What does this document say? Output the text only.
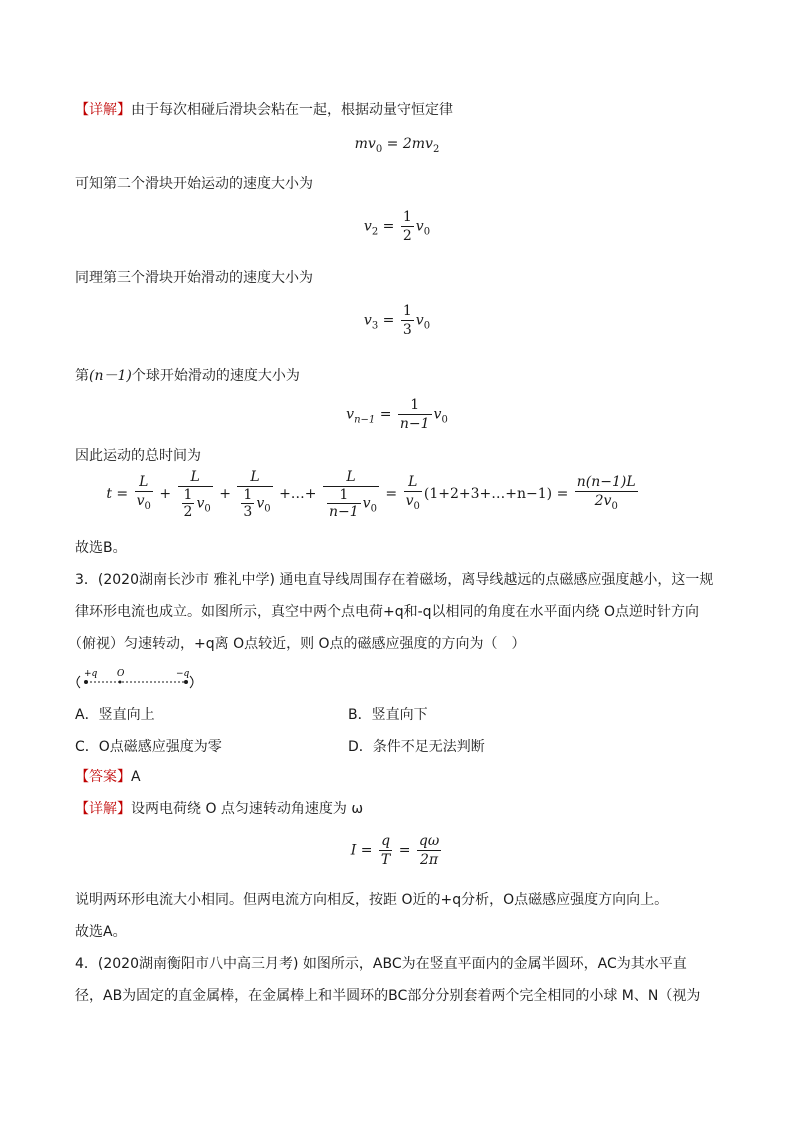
【详解】由于每次相碰后滑块会粘在一起，根据动量守恒定律
$mv_0 = 2mv_2$
可知第二个滑块开始运动的速度大小为
$v_2 = \frac{1}{2} v_0$
同理第三个滑块开始滑动的速度大小为
$v_3 = \frac{1}{3} v_0$
第(n－1)个球开始滑动的速度大小为
$v_{n-1} = \frac{1}{n-1} v_0$
因此运动的总时间为
$t = \frac{L}{v_0} + \frac{L}{\frac{1}{2} v_0} + \frac{L}{\frac{1}{3} v_0}$ +…+ $\frac{L}{\frac{1}{n-1} v_0} = \frac{L}{v_0}$ (1+2+3+…+n−1) = $\frac{n(n-1)L}{2v_0}$
故选B。
3．(2020湖南长沙市 雅礼中学) 通电直导线周围存在着磁场，离导线越远的点磁感应强度越小，这一规
律环形电流也成立。如图所示，真空中两个点电荷+q和-q以相同的角度在水平面内绕 O点逆时针方向
（俯视）匀速转动，+q离 O点较近，则 O点的磁感应强度的方向为（　）
+q O	−q
A．竖直向上	B．竖直向下
C．O点磁感应强度为零	D．条件不足无法判断
【答案】A
【详解】设两电荷绕 O 点匀速转动角速度为 ω
$I = \frac{q}{T} = \frac{q\omega}{2\pi}$
说明两环形电流大小相同。但两电流方向相反，按距 O近的+q分析，O点磁感应强度方向向上。
故选A。
4．(2020湖南衡阳市八中高三月考) 如图所示，ABC为在竖直平面内的金属半圆环，AC为其水平直
径，AB为固定的直金属棒，在金属棒上和半圆环的BC部分分别套着两个完全相同的小球 M、N（视为
